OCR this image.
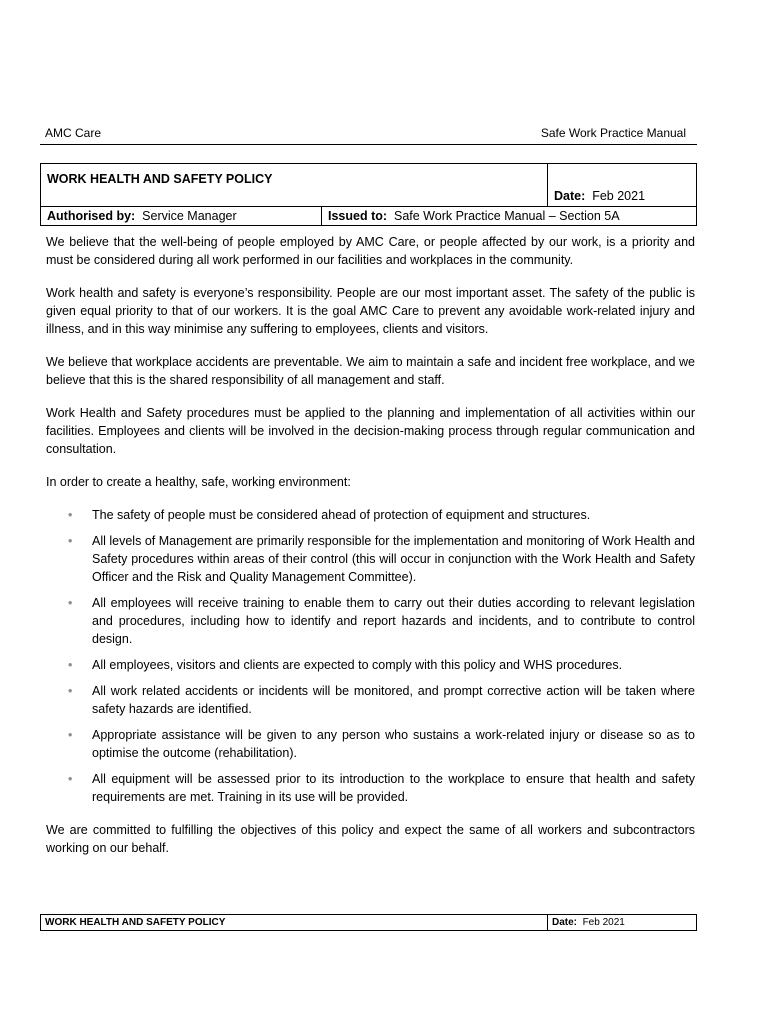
AMC Care	Safe Work Practice Manual
WORK HEALTH AND SAFETY POLICY		Date: Feb 2021
Authorised by: Service Manager	Issued to: Safe Work Practice Manual – Section 5A	

We believe that the well-being of people employed by AMC Care, or people affected by our work, is a priority and must be considered during all work performed in our facilities and workplaces in the community.

Work health and safety is everyone’s responsibility. People are our most important asset. The safety of the public is given equal priority to that of our workers. It is the goal AMC Care to prevent any avoidable work-related injury and illness, and in this way minimise any suffering to employees, clients and visitors.

We believe that workplace accidents are preventable. We aim to maintain a safe and incident free workplace, and we believe that this is the shared responsibility of all management and staff.

Work Health and Safety procedures must be applied to the planning and implementation of all activities within our facilities. Employees and clients will be involved in the decision-making process through regular communication and consultation.

In order to create a healthy, safe, working environment:

• The safety of people must be considered ahead of protection of equipment and structures.
• All levels of Management are primarily responsible for the implementation and monitoring of Work Health and Safety procedures within areas of their control (this will occur in conjunction with the Work Health and Safety Officer and the Risk and Quality Management Committee).
• All employees will receive training to enable them to carry out their duties according to relevant legislation and procedures, including how to identify and report hazards and incidents, and to contribute to control design.
• All employees, visitors and clients are expected to comply with this policy and WHS procedures.
• All work related accidents or incidents will be monitored, and prompt corrective action will be taken where safety hazards are identified.
• Appropriate assistance will be given to any person who sustains a work-related injury or disease so as to optimise the outcome (rehabilitation).
• All equipment will be assessed prior to its introduction to the workplace to ensure that health and safety requirements are met. Training in its use will be provided.

We are committed to fulfilling the objectives of this policy and expect the same of all workers and subcontractors working on our behalf.

WORK HEALTH AND SAFETY POLICY	Date: Feb 2021
